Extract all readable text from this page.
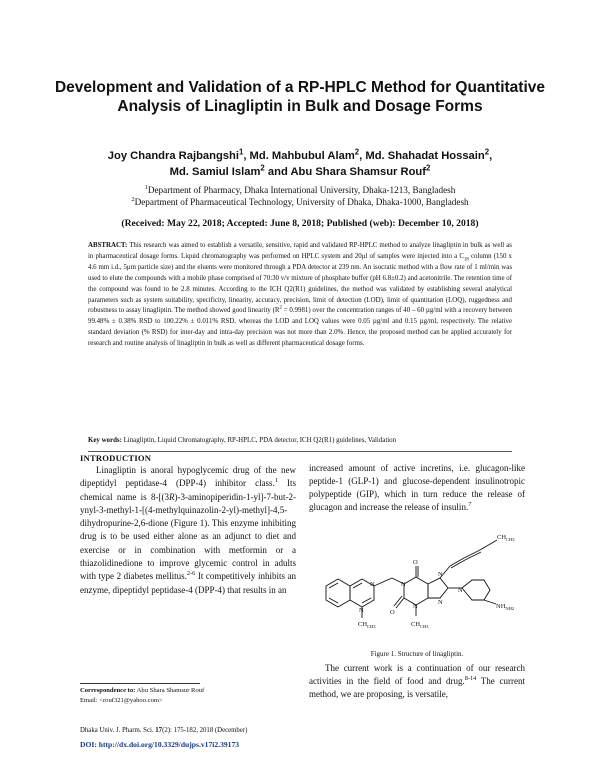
Development and Validation of a RP-HPLC Method for Quantitative Analysis of Linagliptin in Bulk and Dosage Forms
Joy Chandra Rajbangshi$^1$, Md. Mahbubul Alam$^2$, Md. Shahadat Hossain$^2$,
Md. Samiul Islam$^2$ and Abu Shara Shamsur Rouf$^2$
$^1$Department of Pharmacy, Dhaka International University, Dhaka-1213, Bangladesh
$^2$Department of Pharmaceutical Technology, University of Dhaka, Dhaka-1000, Bangladesh
(Received: May 22, 2018; Accepted: June 8, 2018; Published (web): December 10, 2018)
ABSTRACT: This research was aimed to establish a versatile, sensitive, rapid and validated RP-HPLC method to analyze linagliptin in bulk as well as in pharmaceutical dosage forms. Liquid chromatography was performed on HPLC system and 20μl of samples were injected into a $C_{18}$ column (150 x 4.6 mm i.d., 5μm particle size) and the eluents were monitored through a PDA detector at 239 nm. An isocratic method with a flow rate of 1 ml/min was used to elute the compounds with a mobile phase comprised of 70:30 v/v mixture of phosphate buffer (pH 6.8±0.2) and acetonitrile. The retention time of the compound was found to be 2.8 minutes. According to the ICH Q2(R1) guidelines, the method was validated by establishing several analytical parameters such as system suitability, specificity, linearity, accuracy, precision, limit of detection (LOD), limit of quantitation (LOQ), ruggedness and robustness to assay linagliptin. The method showed good linearity $(R^2 = 0.9981)$ over the concentration ranges of 40 – 60 µg/ml with a recovery between 99.48% ± 0.38% RSD to 100.22% ± 0.011% RSD, whereas the LOD and LOQ values were 0.05 µg/ml and 0.15 µg/ml, respectively. The relative standard deviation (% RSD) for inter-day and intra-day precision was not more than 2.0%. Hence, the proposed method can be applied accurately for research and routine analysis of linagliptin in bulk as well as different pharmaceutical dosage forms.
Key words: Linagliptin, Liquid Chromatography, RP-HPLC, PDA detector, ICH Q2(R1) guidelines, Validation
INTRODUCTION
Linagliptin is anoral hypoglycemic drug of the new dipeptidyl peptidase-4 (DPP-4) inhibitor class.$^1$ Its chemical name is 8-[(3R)-3-aminopiperidin-1-yl]-7-but-2-ynyl-3-methyl-1-[(4-methylquinazolin-2-yl)-methyl]-4,5-dihydropurine-2,6-dione (Figure 1). This enzyme inhibiting drug is to be used either alone as an adjunct to diet and exercise or in combination with metformin or a thiazolidinedione to improve glycemic control in adults with type 2 diabetes mellitus.$^{2-6}$ It competitively inhibits an enzyme, dipeptidyl peptidase-4 (DPP-4) that results in an
increased amount of active incretins, i.e. glucagon-like peptide-1 (GLP-1) and glucose-dependent insulinotropic polypeptide (GIP), which in turn reduce the release of glucagon and increase the release of insulin.$^7$
$CH_{CH3}$
O
N
N
N
N
N
N
N
O
$CH_{CH3}$	$CH_{CH3}$
$NH_{NH2}$
Figure 1. Structure of linagliptin.
The current work is a continuation of our research activities in the field of food and drug.$^{8-14}$ The current method, we are proposing, is versatile,
Correspondence to: Abu Shara Shamsur Rouf
Email: <rouf321@yahoo.com>
Dhaka Univ. J. Pharm. Sci. 17(2): 175-182, 2018 (December)
DOI: http://dx.doi.org/10.3329/dujps.v17i2.39173
